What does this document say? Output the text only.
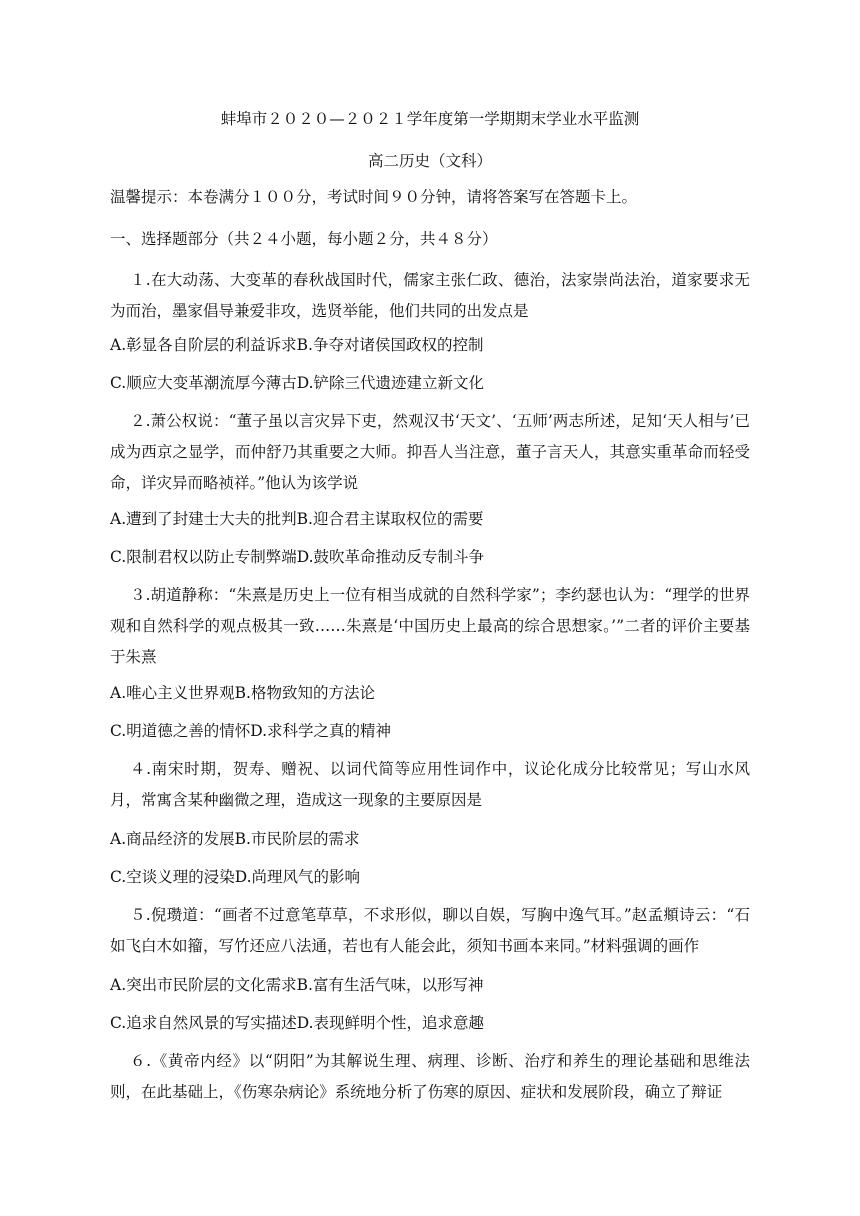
蚌埠市２０２０—２０２１学年度第一学期期末学业水平监测
高二历史（文科）
温馨提示：本卷满分１００分，考试时间９０分钟，请将答案写在答题卡上。
一、选择题部分（共２４小题，每小题２分，共４８分）
１.在大动荡、大变革的春秋战国时代，儒家主张仁政、德治，法家崇尚法治，道家要求无为而治，墨家倡导兼爱非攻，选贤举能，他们共同的出发点是
A.彰显各自阶层的利益诉求B.争夺对诸侯国政权的控制
C.顺应大变革潮流厚今薄古D.铲除三代遗迹建立新文化
２.萧公权说：“董子虽以言灾异下吏，然观汉书‘天文’、‘五师’两志所述，足知‘天人相与’已成为西京之显学，而仲舒乃其重要之大师。抑吾人当注意，董子言天人，其意实重革命而轻受命，详灾异而略祯祥。”他认为该学说
A.遭到了封建士大夫的批判B.迎合君主谋取权位的需要
C.限制君权以防止专制弊端D.鼓吹革命推动反专制斗争
３.胡道静称：“朱熹是历史上一位有相当成就的自然科学家”；李约瑟也认为：“理学的世界观和自然科学的观点极其一致……朱熹是‘中国历史上最高的综合思想家。’”二者的评价主要基于朱熹
A.唯心主义世界观B.格物致知的方法论
C.明道德之善的情怀D.求科学之真的精神
４.南宋时期，贺寿、赠祝、以词代简等应用性词作中，议论化成分比较常见；写山水风月，常寓含某种幽微之理，造成这一现象的主要原因是
A.商品经济的发展B.市民阶层的需求
C.空谈义理的浸染D.尚理风气的影响
５.倪瓒道：“画者不过意笔草草，不求形似，聊以自娱，写胸中逸气耳。”赵孟頫诗云：“石如飞白木如籀，写竹还应八法通，若也有人能会此，须知书画本来同。”材料强调的画作
A.突出市民阶层的文化需求B.富有生活气味，以形写神
C.追求自然风景的写实描述D.表现鲜明个性，追求意趣
６.《黄帝内经》以“阴阳”为其解说生理、病理、诊断、治疗和养生的理论基础和思维法则，在此基础上，《伤寒杂病论》系统地分析了伤寒的原因、症状和发展阶段，确立了辩证
